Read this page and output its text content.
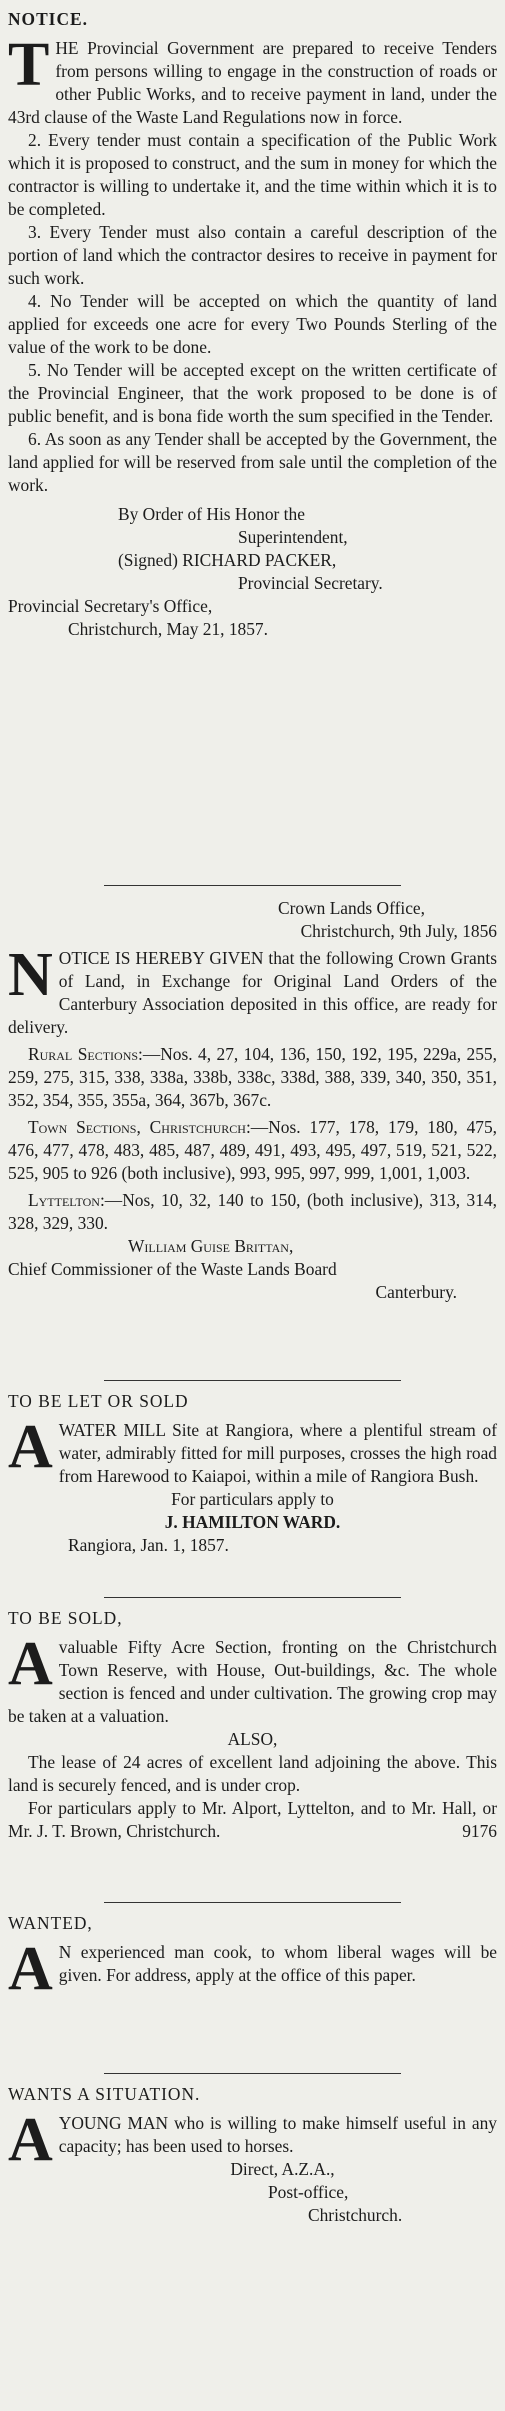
NOTICE.

THE Provincial Government are prepared to receive Tenders from persons willing to engage in the construction of roads or other Public Works, and to receive payment in land, under the 43rd clause of the Waste Land Regulations now in force.

2. Every tender must contain a specification of the Public Work which it is proposed to construct, and the sum in money for which the contractor is willing to undertake it, and the time within which it is to be completed.

3. Every Tender must also contain a careful description of the portion of land which the contractor desires to receive in payment for such work.

4. No Tender will be accepted on which the quantity of land applied for exceeds one acre for every Two Pounds Sterling of the value of the work to be done.

5. No Tender will be accepted except on the written certificate of the Provincial Engineer, that the work proposed to be done is of public benefit, and is bona fide worth the sum specified in the Tender.

6. As soon as any Tender shall be accepted by the Government, the land applied for will be reserved from sale until the completion of the work.

By Order of His Honor the

Superintendent,

(Signed) RICHARD PACKER,

Provincial Secretary.

Provincial Secretary's Office,

Christchurch, May 21, 1857.

Crown Lands Office,

Christchurch, 9th July, 1856

NOTICE IS HEREBY GIVEN that the following Crown Grants of Land, in Exchange for Original Land Orders of the Canterbury Association deposited in this office, are ready for delivery.

Rural Sections:—Nos. 4, 27, 104, 136, 150, 192, 195, 229a, 255, 259, 275, 315, 338, 338a, 338b, 338c, 338d, 388, 339, 340, 350, 351, 352, 354, 355, 355a, 364, 367b, 367c.

Town Sections, Christchurch:—Nos. 177, 178, 179, 180, 475, 476, 477, 478, 483, 485, 487, 489, 491, 493, 495, 497, 519, 521, 522, 525, 905 to 926 (both inclusive), 993, 995, 997, 999, 1,001, 1,003.

Lyttelton:—Nos, 10, 32, 140 to 150, (both inclusive), 313, 314, 328, 329, 330.

William Guise Brittan,

Chief Commissioner of the Waste Lands Board

Canterbury.

TO BE LET OR SOLD

AWATER MILL Site at Rangiora, where a plentiful stream of water, admirably fitted for mill purposes, crosses the high road from Harewood to Kaiapoi, within a mile of Rangiora Bush.

For particulars apply to

J. HAMILTON WARD.

Rangiora, Jan. 1, 1857.

TO BE SOLD,

Avaluable Fifty Acre Section, fronting on the Christchurch Town Reserve, with House, Out-buildings, &c. The whole section is fenced and under cultivation. The growing crop may be taken at a valuation.

ALSO,

The lease of 24 acres of excellent land adjoining the above. This land is securely fenced, and is under crop.

For particulars apply to Mr. Alport, Lyttelton, and to Mr. Hall, or Mr. J. T. Brown, Christchurch.	9176

WANTED,

A N experienced man cook, to whom liberal wages will be given. For address, apply at the office of this paper.

WANTS A SITUATION.

AYOUNG MAN who is willing to make himself useful in any capacity; has been used to horses.

Direct, A.Z.A.,

Post-office,

Christchurch.
